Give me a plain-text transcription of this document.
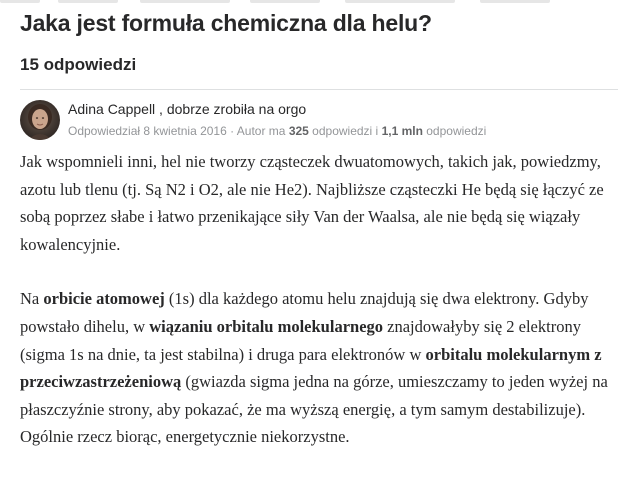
Jaka jest formuła chemiczna dla helu?
15 odpowiedzi
Adina Cappell , dobrze zrobiła na orgo
Odpowiedział 8 kwietnia 2016 · Autor ma 325 odpowiedzi i 1,1 mln odpowiedzi

Jak wspomnieli inni, hel nie tworzy cząsteczek dwuatomowych, takich jak, powiedzmy, azotu lub tlenu (tj. Są N2 i O2, ale nie He2). Najbliższe cząsteczki He będą się łączyć ze sobą poprzez słabe i łatwo przenikające siły Van der Waalsa, ale nie będą się wiązały kowalencyjnie.

Na orbicie atomowej (1s) dla każdego atomu helu znajdują się dwa elektrony. Gdyby powstało dihelu, w wiązaniu orbitalu molekularnego znajdowałyby się 2 elektrony (sigma 1s na dnie, ta jest stabilna) i druga para elektronów w orbitalu molekularnym z przeciwzastrzeżeniową (gwiazda sigma jedna na górze, umieszczamy to jeden wyżej na płaszczyźnie strony, aby pokazać, że ma wyższą energię, a tym samym destabilizuje). Ogólnie rzecz biorąc, energetycznie niekorzystne.
